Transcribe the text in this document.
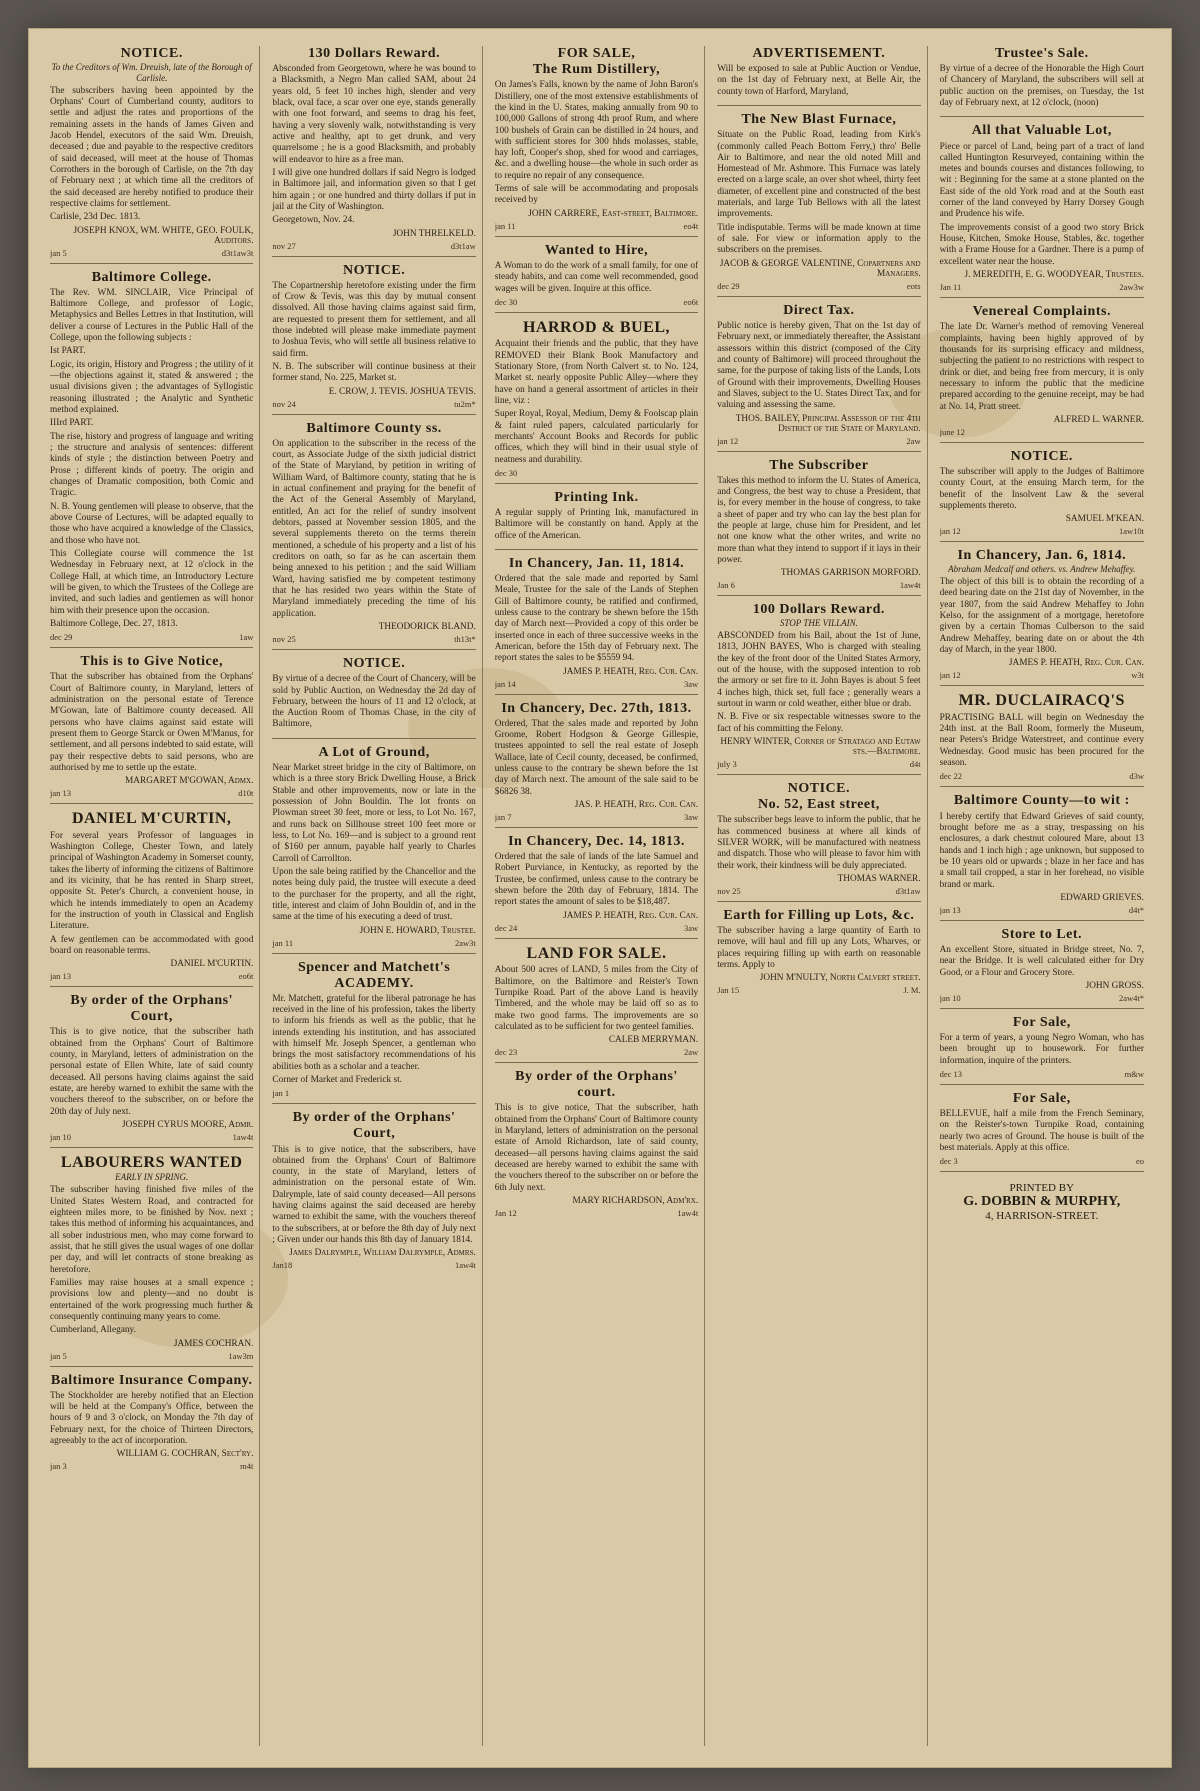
NOTICE.
To the Creditors of Wm. Dreuish, late of the Borough of Carlisle.
The subscribers having been appointed by the Orphans' Court of Cumberland county, auditors to settle and adjust the rates and proportions of the remaining assets in the hands of James Given and Jacob Hendel, executors of the said Wm. Dreuish, deceased ; due and payable to the respective creditors of said deceased, will meet at the house of Thomas Corrothers in the borough of Carlisle, on the 7th day of February next ; at which time all the creditors of the said deceased are hereby notified to produce their respective claims for settlement.
Carlisle, 23d Dec. 1813.
JOSEPH KNOX, WM. WHITE, GEO. FOULK, Auditors.
jan 5	d3t1aw3t
Baltimore College.
The Rev. WM. SINCLAIR, Vice Principal of Baltimore College, and professor of Logic, Metaphysics and Belles Lettres in that Institution, will deliver a course of Lectures in the Public Hall of the College, upon the following subjects :
Ist PART.
Logic, its origin, History and Progress ; the utility of it—the objections against it, stated & answered ; the usual divisions given ; the advantages of Syllogistic reasoning illustrated ; the Analytic and Synthetic method explained.
IIIrd PART.
The rise, history and progress of language and writing ; the structure and analysis of sentences: different kinds of style ; the distinction between Poetry and Prose ; different kinds of poetry. The origin and changes of Dramatic composition, both Comic and Tragic.
N. B. Young gentlemen will please to observe, that the above Course of Lectures, will be adapted equally to those who have acquired a knowledge of the Classics, and those who have not.
This Collegiate course will commence the 1st Wednesday in February next, at 12 o'clock in the College Hall, at which time, an Introductory Lecture will be given, to which the Trustees of the College are invited, and such ladies and gentlemen as will honor him with their presence upon the occasion.
Baltimore College, Dec. 27, 1813.
dec 29	1aw
This is to Give Notice,
That the subscriber has obtained from the Orphans' Court of Baltimore county, in Maryland, letters of administration on the personal estate of Terence M'Gowan, late of Baltimore county deceased. All persons who have claims against said estate will present them to George Starck or Owen M'Manus, for settlement, and all persons indebted to said estate, will pay their respective debts to said persons, who are authorised by me to settle up the estate.
MARGARET M'GOWAN, Admx.
jan 13	d10t
DANIEL M'CURTIN,
For several years Professor of languages in Washington College, Chester Town, and lately principal of Washington Academy in Somerset county, takes the liberty of informing the citizens of Baltimore and its vicinity, that he has rented in Sharp street, opposite St. Peter's Church, a convenient house, in which he intends immediately to open an Academy for the instruction of youth in Classical and English Literature.
A few gentlemen can be accommodated with good board on reasonable terms.
DANIEL M'CURTIN.
jan 13	eo6t
By order of the Orphans' Court,
This is to give notice, that the subscriber hath obtained from the Orphans' Court of Baltimore county, in Maryland, letters of administration on the personal estate of Ellen White, late of said county deceased. All persons having claims against the said estate, are hereby warned to exhibit the same with the vouchers thereof to the subscriber, on or before the 20th day of July next.
JOSEPH CYRUS MOORE, Admr.
jan 10	1aw4t
LABOURERS WANTED
EARLY IN SPRING.
The subscriber having finished five miles of the United States Western Road, and contracted for eighteen miles more, to be finished by Nov. next ; takes this method of informing his acquaintances, and all sober industrious men, who may come forward to assist, that he still gives the usual wages of one dollar per day, and will let contracts of stone breaking as heretofore.
Families may raise houses at a small expence ; provisions low and plenty—and no doubt is entertained of the work progressing much further & consequently continuing many years to come.
Cumberland, Allegany.
JAMES COCHRAN.
jan 5	1aw3m
Baltimore Insurance Company.
The Stockholder are hereby notified that an Election will be held at the Company's Office, between the hours of 9 and 3 o'clock, on Monday the 7th day of February next, for the choice of Thirteen Directors, agreeably to the act of incorporation.
WILLIAM G. COCHRAN, Sect'ry.
jan 3	m4t
130 Dollars Reward.
Absconded from Georgetown, where he was bound to a Blacksmith, a Negro Man called SAM, about 24 years old, 5 feet 10 inches high, slender and very black, oval face, a scar over one eye, stands generally with one foot forward, and seems to drag his feet, having a very slovenly walk, notwithstanding is very active and healthy, apt to get drunk, and very quarrelsome ; he is a good Blacksmith, and probably will endeavor to hire as a free man.
I will give one hundred dollars if said Negro is lodged in Baltimore jail, and information given so that I get him again ; or one hundred and thirty dollars if put in jail at the City of Washington.
Georgetown, Nov. 24.
JOHN THRELKELD.
nov 27	d3t1aw
NOTICE.
The Copartnership heretofore existing under the firm of Crow & Tevis, was this day by mutual consent dissolved. All those having claims against said firm, are requested to present them for settlement, and all those indebted will please make immediate payment to Joshua Tevis, who will settle all business relative to said firm.
N. B. The subscriber will continue business at their former stand, No. 225, Market st.
E. CROW, J. TEVIS. JOSHUA TEVIS.
nov 24	tu2m*
Baltimore County ss.
On application to the subscriber in the recess of the court, as Associate Judge of the sixth judicial district of the State of Maryland, by petition in writing of William Ward, of Baltimore county, stating that he is in actual confinement and praying for the benefit of the Act of the General Assembly of Maryland, entitled, An act for the relief of sundry insolvent debtors, passed at November session 1805, and the several supplements thereto on the terms therein mentioned, a schedule of his property and a list of his creditors on oath, so far as he can ascertain them being annexed to his petition ; and the said William Ward, having satisfied me by competent testimony that he has resided two years within the State of Maryland immediately preceding the time of his application.
THEODORICK BLAND.
nov 25	th13t*
NOTICE.
By virtue of a decree of the Court of Chancery, will be sold by Public Auction, on Wednesday the 2d day of February, between the hours of 11 and 12 o'clock, at the Auction Room of Thomas Chase, in the city of Baltimore,
A Lot of Ground,
Near Market street bridge in the city of Baltimore, on which is a three story Brick Dwelling House, a Brick Stable and other improvements, now or late in the possession of John Bouldin. The lot fronts on Plowman street 30 feet, more or less, to Lot No. 167, and runs back on Sillhouse street 100 feet more or less, to Lot No. 169—and is subject to a ground rent of $160 per annum, payable half yearly to Charles Carroll of Carrollton.
Upon the sale being ratified by the Chancellor and the notes being duly paid, the trustee will execute a deed to the purchaser for the property, and all the right, title, interest and claim of John Bouldin of, and in the same at the time of his executing a deed of trust.
JOHN E. HOWARD, Trustee.
jan 11	2aw3t
Spencer and Matchett's
ACADEMY.
Mr. Matchett, grateful for the liberal patronage he has received in the line of his profession, takes the liberty to inform his friends as well as the public, that he intends extending his institution, and has associated with himself Mr. Joseph Spencer, a gentleman who brings the most satisfactory recommendations of his abilities both as a scholar and a teacher.
Corner of Market and Frederick st.
jan 1
By order of the Orphans' Court,
This is to give notice, that the subscribers, have obtained from the Orphans' Court of Baltimore county, in the state of Maryland, letters of administration on the personal estate of Wm. Dalrymple, late of said county deceased—All persons having claims against the said deceased are hereby warned to exhibit the same, with the vouchers thereof to the subscribers, at or before the 8th day of July next ; Given under our hands this 8th day of January 1814.
James Dalrymple, William Dalrymple, Admrs.
Jan18	1aw4t
FOR SALE,
The Rum Distillery,
On James's Falls, known by the name of John Baron's Distillery, one of the most extensive establishments of the kind in the U. States, making annually from 90 to 100,000 Gallons of strong 4th proof Rum, and where 100 bushels of Grain can be distilled in 24 hours, and with sufficient stores for 300 hhds molasses, stable, hay loft, Cooper's shop, shed for wood and carriages, &c. and a dwelling house—the whole in such order as to require no repair of any consequence.
Terms of sale will be accommodating and proposals received by
JOHN CARRERE, East-street, Baltimore.
jan 11	eo4t
Wanted to Hire,
A Woman to do the work of a small family, for one of steady habits, and can come well recommended, good wages will be given. Inquire at this office.
dec 30	eo6t
HARROD & BUEL,
Acquaint their friends and the public, that they have REMOVED their Blank Book Manufactory and Stationary Store, (from North Calvert st. to No. 124, Market st. nearly opposite Public Alley—where they have on hand a general assortment of articles in their line, viz :
Super Royal, Royal, Medium, Demy & Foolscap plain & faint ruled papers, calculated particularly for merchants' Account Books and Records for public offices, which they will bind in their usual style of neatness and durability.
dec 30
Printing Ink.
A regular supply of Printing Ink, manufactured in Baltimore will be constantly on hand. Apply at the office of the American.
In Chancery, Jan. 11, 1814.
Ordered that the sale made and reported by Saml Meale, Trustee for the sale of the Lands of Stephen Gill of Baltimore county, be ratified and confirmed, unless cause to the contrary be shewn before the 15th day of March next—Provided a copy of this order be inserted once in each of three successive weeks in the American, before the 15th day of February next. The report states the sales to be $5559 94.
JAMES P. HEATH, Reg. Cur. Can.
jan 14	3aw
In Chancery, Dec. 27th, 1813.
Ordered, That the sales made and reported by John Groome, Robert Hodgson & George Gillespie, trustees appointed to sell the real estate of Joseph Wallace, late of Cecil county, deceased, be confirmed, unless cause to the contrary be shewn before the 1st day of March next. The amount of the sale said to be $6826 38.
JAS. P. HEATH, Reg. Cur. Can.
jan 7	3aw
In Chancery, Dec. 14, 1813.
Ordered that the sale of lands of the late Samuel and Robert Purviance, in Kentucky, as reported by the Trustee, be confirmed, unless cause to the contrary be shewn before the 20th day of February, 1814. The report states the amount of sales to be $18,487.
JAMES P. HEATH, Reg. Cur. Can.
dec 24	3aw
LAND FOR SALE.
About 500 acres of LAND, 5 miles from the City of Baltimore, on the Baltimore and Reister's Town Turnpike Road. Part of the above Land is heavily Timbered, and the whole may be laid off so as to make two good farms. The improvements are so calculated as to be sufficient for two genteel families.
CALEB MERRYMAN.
dec 23	2aw
By order of the Orphans' court.
This is to give notice, That the subscriber, hath obtained from the Orphans' Court of Baltimore county in Maryland, letters of administration on the personal estate of Arnold Richardson, late of said county, deceased—all persons having claims against the said deceased are hereby warned to exhibit the same with the vouchers thereof to the subscriber on or before the 6th July next.
MARY RICHARDSON, Adm'rx.
Jan 12	1aw4t
ADVERTISEMENT.
Will be exposed to sale at Public Auction or Vendue, on the 1st day of February next, at Belle Air, the county town of Harford, Maryland,
The New Blast Furnace,
Situate on the Public Road, leading from Kirk's (commonly called Peach Bottom Ferry,) thro' Belle Air to Baltimore, and near the old noted Mill and Homestead of Mr. Ashmore. This Furnace was lately erected on a large scale, an over shot wheel, thirty feet diameter, of excellent pine and constructed of the best materials, and large Tub Bellows with all the latest improvements.
Title indisputable. Terms will be made known at time of sale. For view or information apply to the subscribers on the premises.
JACOB & GEORGE VALENTINE, Copartners and Managers.
dec 29	eots
Direct Tax.
Public notice is hereby given, That on the 1st day of February next, or immediately thereafter, the Assistant assessors within this district (composed of the City and county of Baltimore) will proceed throughout the same, for the purpose of taking lists of the Lands, Lots of Ground with their improvements, Dwelling Houses and Slaves, subject to the U. States Direct Tax, and for valuing and assessing the same.
THOS. BAILEY, Principal Assessor of the 4th District of the State of Maryland.
jan 12	2aw
The Subscriber
Takes this method to inform the U. States of America, and Congress, the best way to chuse a President, that is, for every member in the house of congress, to take a sheet of paper and try who can lay the best plan for the people at large, chuse him for President, and let not one know what the other writes, and write no more than what they intend to support if it lays in their power.
THOMAS GARRISON MORFORD.
Jan 6	1aw4t
100 Dollars Reward.
STOP THE VILLAIN.
ABSCONDED from his Bail, about the 1st of June, 1813, JOHN BAYES, Who is charged with stealing the key of the front door of the United States Armory, out of the house, with the supposed intention to rob the armory or set fire to it. John Bayes is about 5 feet 4 inches high, thick set, full face ; generally wears a surtout in warm or cold weather, either blue or drab.
N. B. Five or six respectable witnesses swore to the fact of his committing the Felony.
HENRY WINTER, Corner of Stratago and Eutaw sts.—Baltimore.
july 3	d4t
NOTICE.
No. 52, East street,
The subscriber begs leave to inform the public, that he has commenced business at where all kinds of SILVER WORK, will be manufactured with neatness and dispatch. Those who will please to favor him with their work, their kindness will be duly appreciated.
THOMAS WARNER.
nov 25	d3t1aw
Earth for Filling up Lots, &c.
The subscriber having a large quantity of Earth to remove, will haul and fill up any Lots, Wharves, or places requiring filling up with earth on reasonable terms. Apply to
JOHN M'NULTY, North Calvert street.
Jan 15	J. M.
Trustee's Sale.
By virtue of a decree of the Honorable the High Court of Chancery of Maryland, the subscribers will sell at public auction on the premises, on Tuesday, the 1st day of February next, at 12 o'clock, (noon)
All that Valuable Lot,
Piece or parcel of Land, being part of a tract of land called Huntington Resurveyed, containing within the metes and bounds courses and distances following, to wit : Beginning for the same at a stone planted on the East side of the old York road and at the South east corner of the land conveyed by Harry Dorsey Gough and Prudence his wife.
The improvements consist of a good two story Brick House, Kitchen, Smoke House, Stables, &c. together with a Frame House for a Gardner. There is a pump of excellent water near the house.
J. MEREDITH, E. G. WOODYEAR, Trustees.
Jan 11	2aw3w
Venereal Complaints.
The late Dr. Warner's method of removing Venereal complaints, having been highly approved of by thousands for its surprising efficacy and mildness, subjecting the patient to no restrictions with respect to drink or diet, and being free from mercury, it is only necessary to inform the public that the medicine prepared according to the genuine receipt, may be had at No. 14, Pratt street.
ALFRED L. WARNER.
june 12
NOTICE.
The subscriber will apply to the Judges of Baltimore county Court, at the ensuing March term, for the benefit of the Insolvent Law & the several supplements thereto.
SAMUEL M'KEAN.
jan 12	1aw10t
In Chancery, Jan. 6, 1814.
Abraham Medcalf and others. vs. Andrew Mehaffey.
The object of this bill is to obtain the recording of a deed bearing date on the 21st day of November, in the year 1807, from the said Andrew Mehaffey to John Kelso, for the assignment of a mortgage, heretofore given by a certain Thomas Culberson to the said Andrew Mehaffey, bearing date on or about the 4th day of March, in the year 1800.
JAMES P. HEATH, Reg. Cur. Can.
jan 12	w3t
MR. DUCLAIRACQ'S
PRACTISING BALL will begin on Wednesday the 24th inst. at the Ball Room, formerly the Museum, near Peters's Bridge Waterstreet, and continue every Wednesday. Good music has been procured for the season.
dec 22	d3w
Baltimore County—to wit :
I hereby certify that Edward Grieves of said county, brought before me as a stray, trespassing on his enclosures, a dark chestnut coloured Mare, about 13 hands and 1 inch high ; age unknown, but supposed to be 10 years old or upwards ; blaze in her face and has a small tail cropped, a star in her forehead, no visible brand or mark.
EDWARD GRIEVES.
jan 13	d4t*
Store to Let.
An excellent Store, situated in Bridge street, No. 7, near the Bridge. It is well calculated either for Dry Good, or a Flour and Grocery Store.
JOHN GROSS.
jan 10	2aw4t*
For Sale,
For a term of years, a young Negro Woman, who has been brought up to housework. For further information, inquire of the printers.
dec 13	m&w
For Sale,
BELLEVUE, half a mile from the French Seminary, on the Reister's-town Turnpike Road, containing nearly two acres of Ground. The house is built of the best materials. Apply at this office.
dec 3	eo
PRINTED BY
G. DOBBIN & MURPHY,
4, HARRISON-STREET.
